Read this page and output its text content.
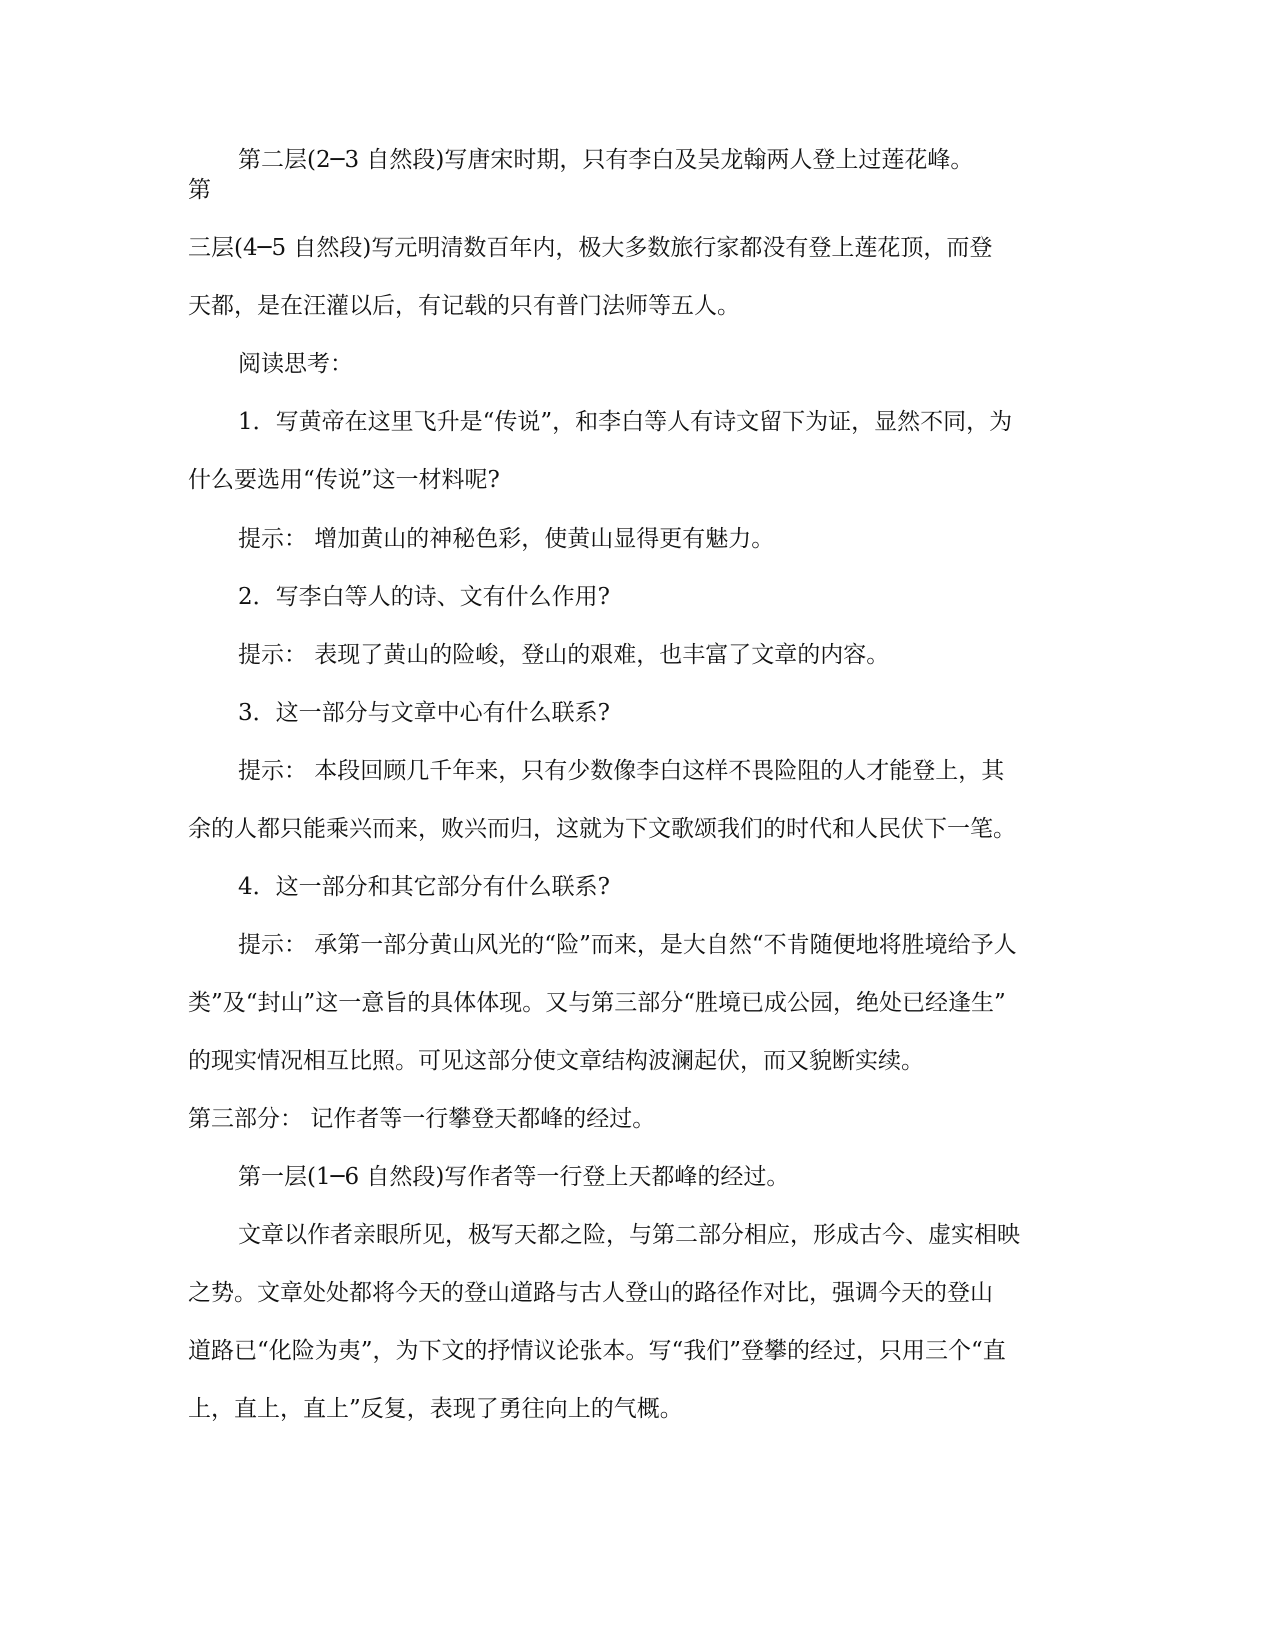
第二层(2─3 自然段)写唐宋时期，只有李白及吴龙翰两人登上过莲花峰。
第
三层(4─5 自然段)写元明清数百年内，极大多数旅行家都没有登上莲花顶，而登
天都，是在汪灌以后，有记载的只有普门法师等五人。
阅读思考：
1．写黄帝在这里飞升是“传说”，和李白等人有诗文留下为证，显然不同，为
什么要选用“传说”这一材料呢?
提示： 增加黄山的神秘色彩，使黄山显得更有魅力。
2．写李白等人的诗、文有什么作用?
提示： 表现了黄山的险峻，登山的艰难，也丰富了文章的内容。
3．这一部分与文章中心有什么联系?
提示： 本段回顾几千年来，只有少数像李白这样不畏险阻的人才能登上，其
余的人都只能乘兴而来，败兴而归，这就为下文歌颂我们的时代和人民伏下一笔。
4．这一部分和其它部分有什么联系?
提示： 承第一部分黄山风光的“险”而来，是大自然“不肯随便地将胜境给予人
类”及“封山”这一意旨的具体体现。又与第三部分“胜境已成公园，绝处已经逢生”
的现实情况相互比照。可见这部分使文章结构波澜起伏，而又貌断实续。
第三部分： 记作者等一行攀登天都峰的经过。
第一层(1─6 自然段)写作者等一行登上天都峰的经过。
文章以作者亲眼所见，极写天都之险，与第二部分相应，形成古今、虚实相映
之势。文章处处都将今天的登山道路与古人登山的路径作对比，强调今天的登山
道路已“化险为夷”，为下文的抒情议论张本。写“我们”登攀的经过，只用三个“直
上，直上，直上”反复，表现了勇往向上的气概。
